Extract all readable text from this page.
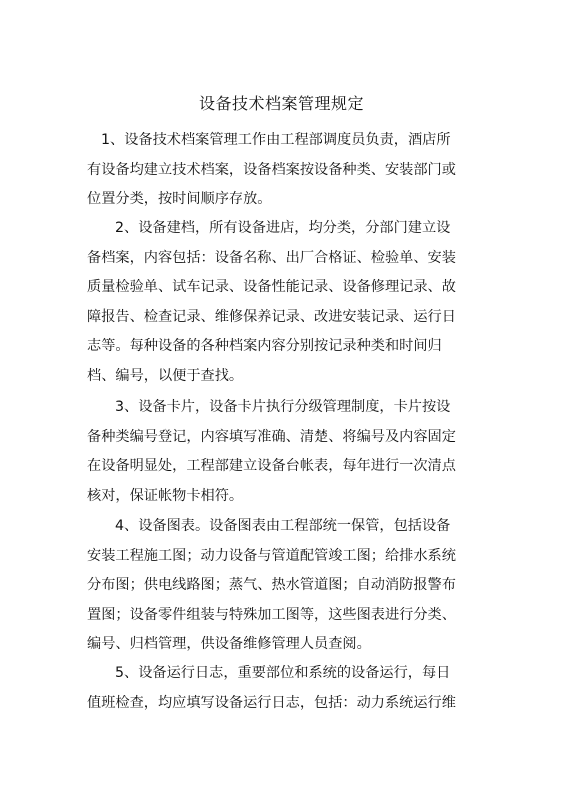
设备技术档案管理规定
1、设备技术档案管理工作由工程部调度员负责，酒店所
有设备均建立技术档案，设备档案按设备种类、安装部门或
位置分类，按时间顺序存放。
2、设备建档，所有设备进店，均分类，分部门建立设
备档案，内容包括：设备名称、出厂合格证、检验单、安装
质量检验单、试车记录、设备性能记录、设备修理记录、故
障报告、检查记录、维修保养记录、改进安装记录、运行日
志等。每种设备的各种档案内容分别按记录种类和时间归
档、编号，以便于查找。
3、设备卡片，设备卡片执行分级管理制度，卡片按设
备种类编号登记，内容填写准确、清楚、将编号及内容固定
在设备明显处，工程部建立设备台帐表，每年进行一次清点
核对，保证帐物卡相符。
4、设备图表。设备图表由工程部统一保管，包括设备
安装工程施工图；动力设备与管道配管竣工图；给排水系统
分布图；供电线路图；蒸气、热水管道图；自动消防报警布
置图；设备零件组装与特殊加工图等，这些图表进行分类、
编号、归档管理，供设备维修管理人员查阅。
5、设备运行日志，重要部位和系统的设备运行，每日
值班检查，均应填写设备运行日志，包括：动力系统运行维
